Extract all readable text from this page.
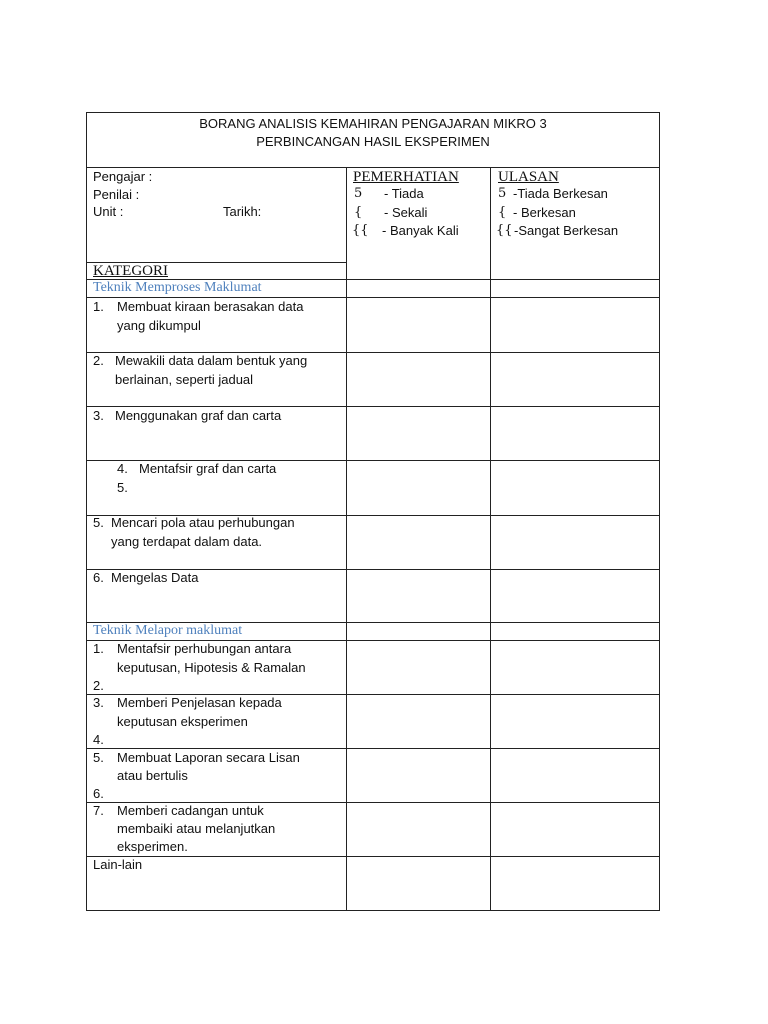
BORANG ANALISIS KEMAHIRAN PENGAJARAN MIKRO 3
PERBINCANGAN HASIL EKSPERIMEN
Pengajar :
Penilai :
Unit :	Tarikh:
PEMERHATIAN
5 - Tiada
{ - Sekali
{{ - Banyak Kali
ULASAN
5 -Tiada Berkesan
{ - Berkesan
{{ -Sangat Berkesan
KATEGORI
Teknik Memproses Maklumat
1. Membuat kiraan berasakan data
yang dikumpul
2. Mewakili data dalam bentuk yang
berlainan, seperti jadual
3. Menggunakan graf dan carta
4. Mentafsir graf dan carta
5.
5. Mencari pola atau perhubungan
yang terdapat dalam data.
6. Mengelas Data
Teknik Melapor maklumat
1. Mentafsir perhubungan antara
keputusan, Hipotesis & Ramalan
2.
3. Memberi Penjelasan kepada
keputusan eksperimen
4.
5. Membuat Laporan secara Lisan
atau bertulis
6.
7. Memberi cadangan untuk
membaiki atau melanjutkan
eksperimen.
Lain-lain
